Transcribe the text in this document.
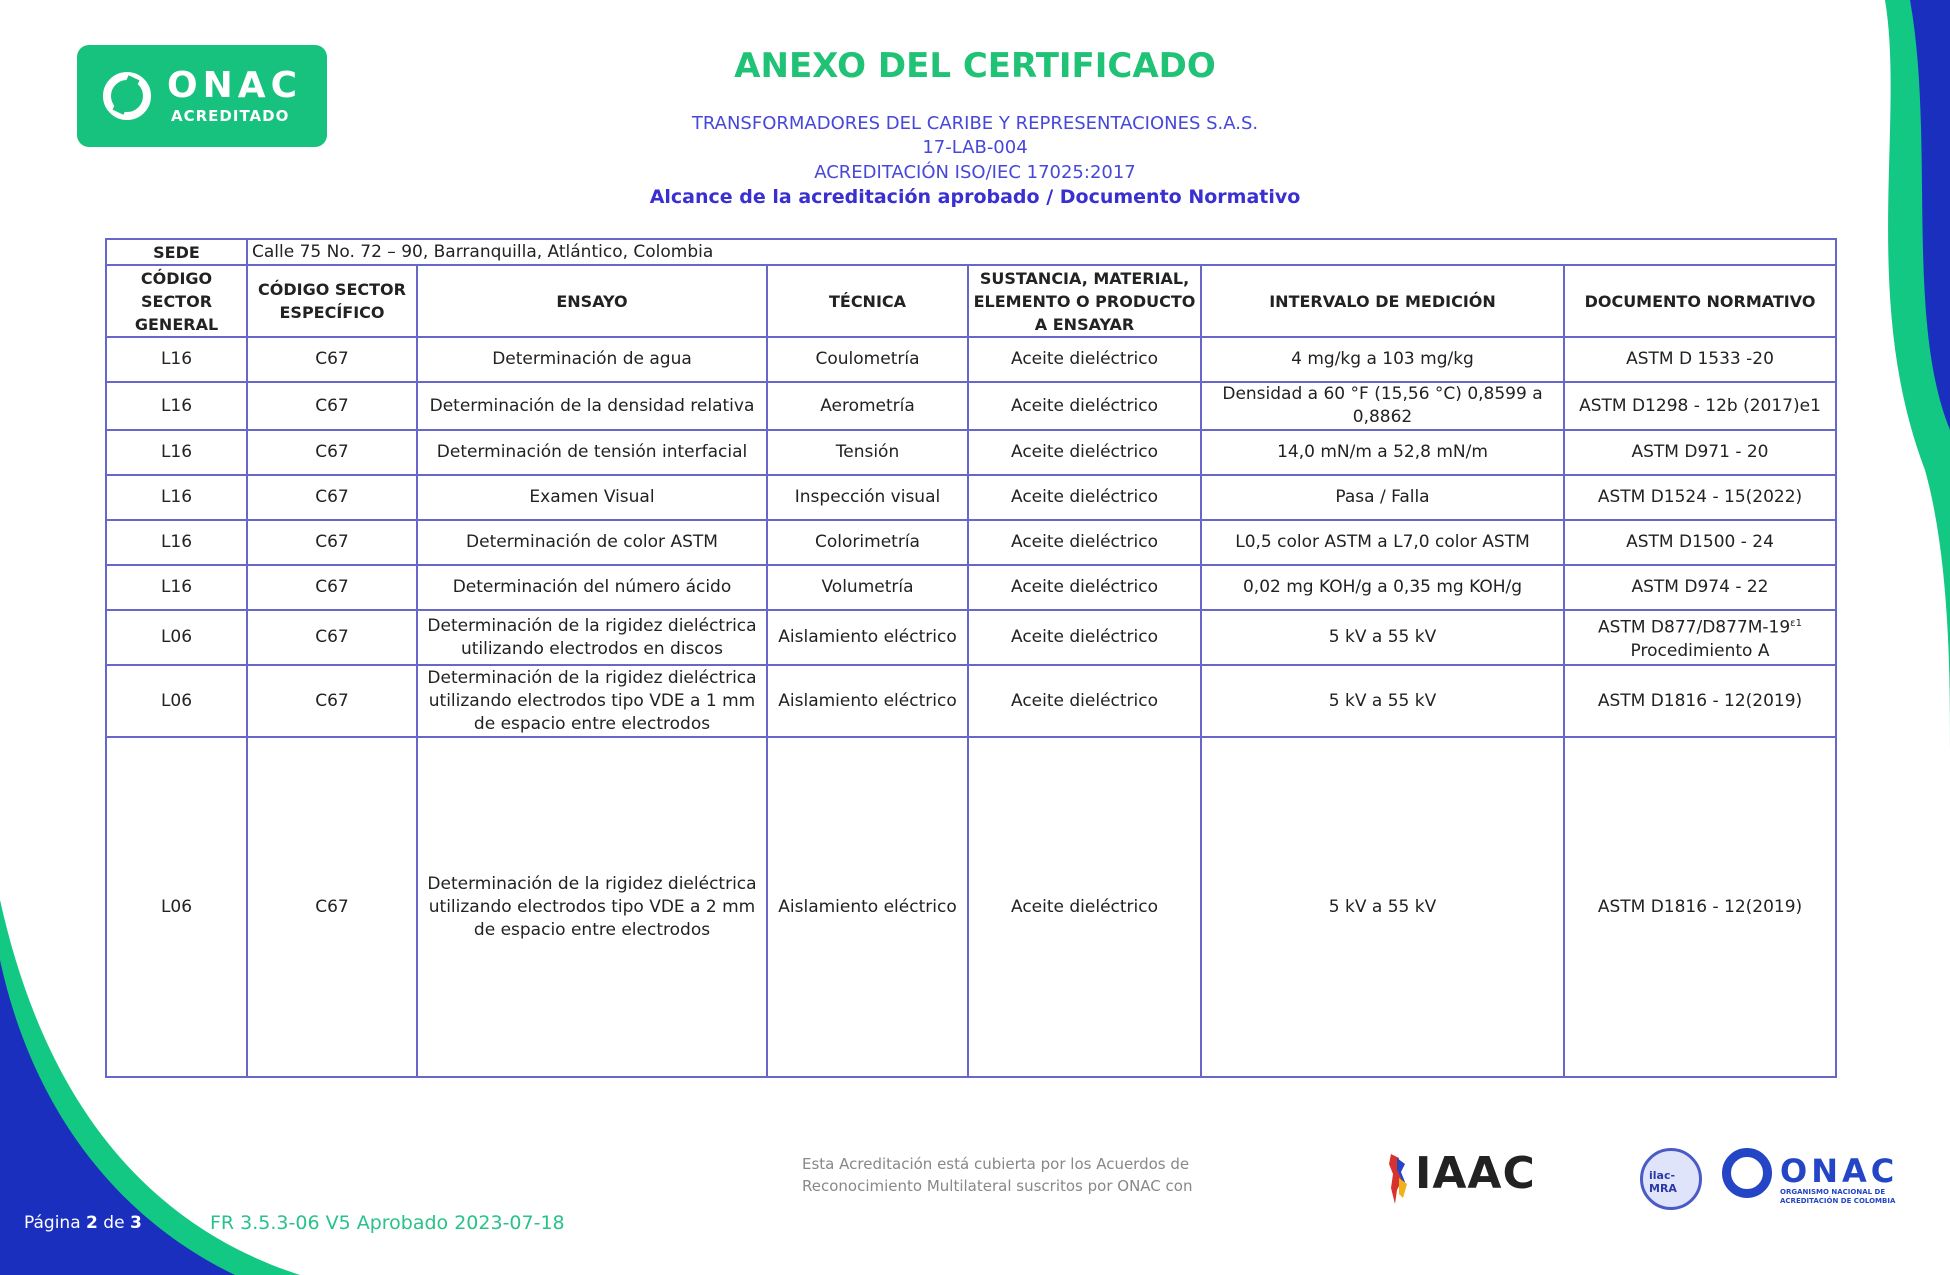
ONAC
ACREDITADO
ANEXO DEL CERTIFICADO
TRANSFORMADORES DEL CARIBE Y REPRESENTACIONES S.A.S.
17-LAB-004
ACREDITACIÓN ISO/IEC 17025:2017
Alcance de la acreditación aprobado / Documento Normativo
SEDE	Calle 75 No. 72 – 90, Barranquilla, Atlántico, Colombia					
CÓDIGO SECTOR GENERAL	CÓDIGO SECTOR ESPECÍFICO	ENSAYO	TÉCNICA	SUSTANCIA, MATERIAL, ELEMENTO O PRODUCTO A ENSAYAR	INTERVALO DE MEDICIÓN	DOCUMENTO NORMATIVO
L16	C67	Determinación de agua	Coulometría	Aceite dieléctrico	4 mg/kg a 103 mg/kg	ASTM D 1533 -20
L16	C67	Determinación de la densidad relativa	Aerometría	Aceite dieléctrico	Densidad a 60 °F (15,56 °C) 0,8599 a 0,8862	ASTM D1298 - 12b (2017)e1
L16	C67	Determinación de tensión interfacial	Tensión	Aceite dieléctrico	14,0 mN/m a 52,8 mN/m	ASTM D971 - 20
L16	C67	Examen Visual	Inspección visual	Aceite dieléctrico	Pasa / Falla	ASTM D1524 - 15(2022)
L16	C67	Determinación de color ASTM	Colorimetría	Aceite dieléctrico	L0,5 color ASTM a L7,0 color ASTM	ASTM D1500 - 24
L16	C67	Determinación del número ácido	Volumetría	Aceite dieléctrico	0,02 mg KOH/g a 0,35 mg KOH/g	ASTM D974 - 22
L06	C67	Determinación de la rigidez dieléctrica utilizando electrodos en discos	Aislamiento eléctrico	Aceite dieléctrico	5 kV a 55 kV	ASTM $D877/D877M-19^{\varepsilon 1}$
Procedimiento A
L06	C67	Determinación de la rigidez dieléctrica utilizando electrodos tipo VDE a 1 mm de espacio entre electrodos	Aislamiento eléctrico	Aceite dieléctrico	5 kV a 55 kV	ASTM D1816 - 12(2019)
L06	C67	Determinación de la rigidez dieléctrica utilizando electrodos tipo VDE a 2 mm de espacio entre electrodos	Aislamiento eléctrico	Aceite dieléctrico	5 kV a 55 kV	ASTM D1816 - 12(2019)
Esta Acreditación está cubierta por los Acuerdos de
Reconocimiento Multilateral suscritos por ONAC con	IAAC	ilac-MRA	ONAC
ORGANISMO NACIONAL DE ACREDITACIÓN DE COLOMBIA
Página 2 de 3	FR 3.5.3-06 V5 Aprobado 2023-07-18
